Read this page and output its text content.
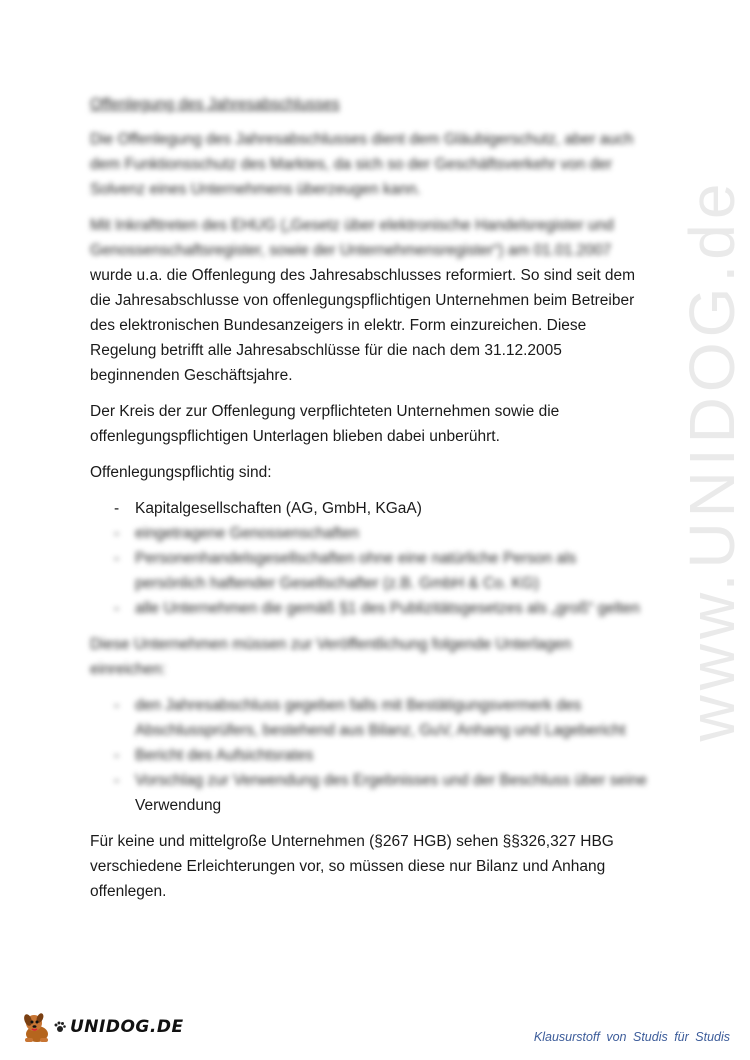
www.UNIDOG.de
Offenlegung des Jahresabschlusses

Die Offenlegung des Jahresabschlusses dient dem Gläubigerschutz, aber auch dem Funktionsschutz des Marktes, da sich so der Geschäftsverkehr von der Solvenz eines Unternehmens überzeugen kann.

Mit Inkrafttreten des EHUG („Gesetz über elektronische Handelsregister und Genossenschaftsregister, sowie der Unternehmensregister“) am 01.01.2007 wurde u.a. die Offenlegung des Jahresabschlusses reformiert. So sind seit dem die Jahresabschlusse von offenlegungspflichtigen Unternehmen beim Betreiber des elektronischen Bundesanzeigers in elektr. Form einzureichen. Diese Regelung betrifft alle Jahresabschlüsse für die nach dem 31.12.2005 beginnenden Geschäftsjahre.

Der Kreis der zur Offenlegung verpflichteten Unternehmen sowie die offenlegungspflichtigen Unterlagen blieben dabei unberührt.

Offenlegungspflichtig sind:

- Kapitalgesellschaften (AG, GmbH, KGaA)
- eingetragene Genossenschaften
- Personenhandelsgesellschaften ohne eine natürliche Person als persönlich haftender Gesellschafter (z.B. GmbH & Co. KG)
- alle Unternehmen die gemäß §1 des Publizitätsgesetzes als „groß“ gelten

Diese Unternehmen müssen zur Veröffentlichung folgende Unterlagen einreichen:

- den Jahresabschluss gegeben falls mit Bestätigungsvermerk des Abschlussprüfers, bestehend aus Bilanz, GuV, Anhang und Lagebericht
- Bericht des Aufsichtsrates
- Vorschlag zur Verwendung des Ergebnisses und der Beschluss über seine
Verwendung

Für keine und mittelgroße Unternehmen (§267 HGB) sehen §§326,327 HBG verschiedene Erleichterungen vor, so müssen diese nur Bilanz und Anhang offenlegen.

UNIDOG.DE	Klausurstoff von Studis für Studis
